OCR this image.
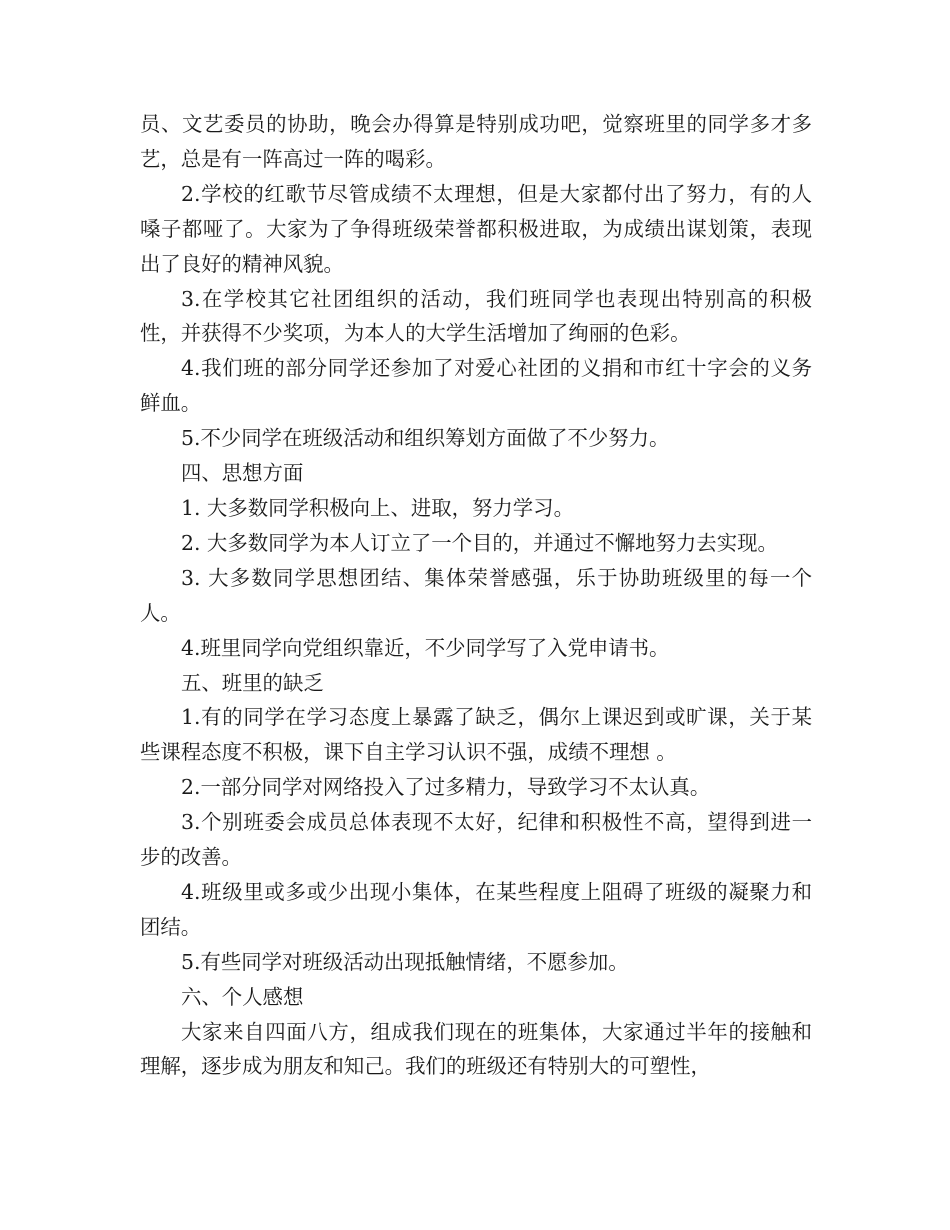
员、文艺委员的协助，晚会办得算是特别成功吧，觉察班里的同学多才多艺，总是有一阵高过一阵的喝彩。

2.学校的红歌节尽管成绩不太理想，但是大家都付出了努力，有的人嗓子都哑了。大家为了争得班级荣誉都积极进取，为成绩出谋划策，表现出了良好的精神风貌。

3.在学校其它社团组织的活动，我们班同学也表现出特别高的积极性，并获得不少奖项，为本人的大学生活增加了绚丽的色彩。

4.我们班的部分同学还参加了对爱心社团的义捐和市红十字会的义务鲜血。

5.不少同学在班级活动和组织筹划方面做了不少努力。

四、思想方面

1. 大多数同学积极向上、进取，努力学习。

2. 大多数同学为本人订立了一个目的，并通过不懈地努力去实现。

3. 大多数同学思想团结、集体荣誉感强，乐于协助班级里的每一个人。

4.班里同学向党组织靠近，不少同学写了入党申请书。

五、班里的缺乏

1.有的同学在学习态度上暴露了缺乏，偶尔上课迟到或旷课，关于某些课程态度不积极，课下自主学习认识不强，成绩不理想 。

2.一部分同学对网络投入了过多精力，导致学习不太认真。

3.个别班委会成员总体表现不太好，纪律和积极性不高，望得到进一步的改善。

4.班级里或多或少出现小集体，在某些程度上阻碍了班级的凝聚力和团结。

5.有些同学对班级活动出现抵触情绪，不愿参加。

六、个人感想

大家来自四面八方，组成我们现在的班集体，大家通过半年的接触和理解，逐步成为朋友和知己。我们的班级还有特别大的可塑性，
